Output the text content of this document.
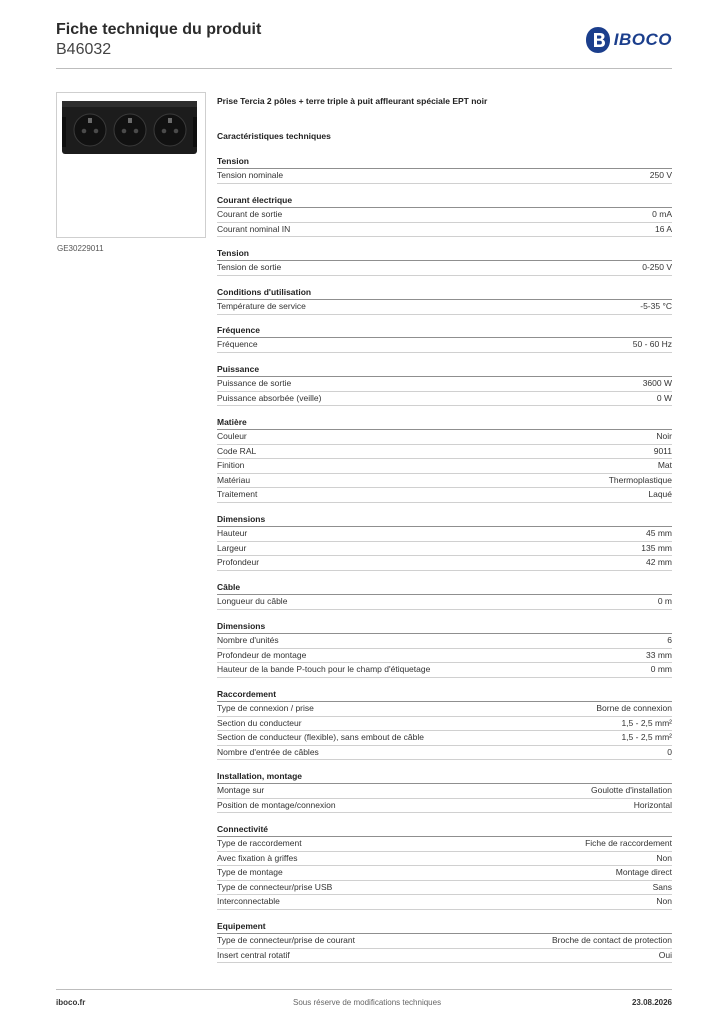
Fiche technique du produit
B46032
IBOCO
GE30229011
Prise Tercia 2 pôles + terre triple à puit affleurant spéciale EPT noir
Caractéristiques techniques
Tension
Tension nominale	250 V
Courant électrique
Courant de sortie	0 mA
Courant nominal IN	16 A
Tension
Tension de sortie	0-250 V
Conditions d'utilisation
Température de service	-5-35 °C
Fréquence
Fréquence	50 - 60 Hz
Puissance
Puissance de sortie	3600 W
Puissance absorbée (veille)	0 W
Matière
Couleur	Noir
Code RAL	9011
Finition	Mat
Matériau	Thermoplastique
Traitement	Laqué
Dimensions
Hauteur	45 mm
Largeur	135 mm
Profondeur	42 mm
Câble
Longueur du câble	0 m
Dimensions
Nombre d'unités	6
Profondeur de montage	33 mm
Hauteur de la bande P-touch pour le champ d'étiquetage	0 mm
Raccordement
Type de connexion / prise	Borne de connexion
Section du conducteur	1,5 - 2,5 mm²
Section de conducteur (flexible), sans embout de câble	1,5 - 2,5 mm²
Nombre d'entrée de câbles	0
Installation, montage
Montage sur	Goulotte d'installation
Position de montage/connexion	Horizontal
Connectivité
Type de raccordement	Fiche de raccordement
Avec fixation à griffes	Non
Type de montage	Montage direct
Type de connecteur/prise USB	Sans
Interconnectable	Non
Equipement
Type de connecteur/prise de courant	Broche de contact de protection
Insert central rotatif	Oui
iboco.fr	Sous réserve de modifications techniques	23.08.2026
